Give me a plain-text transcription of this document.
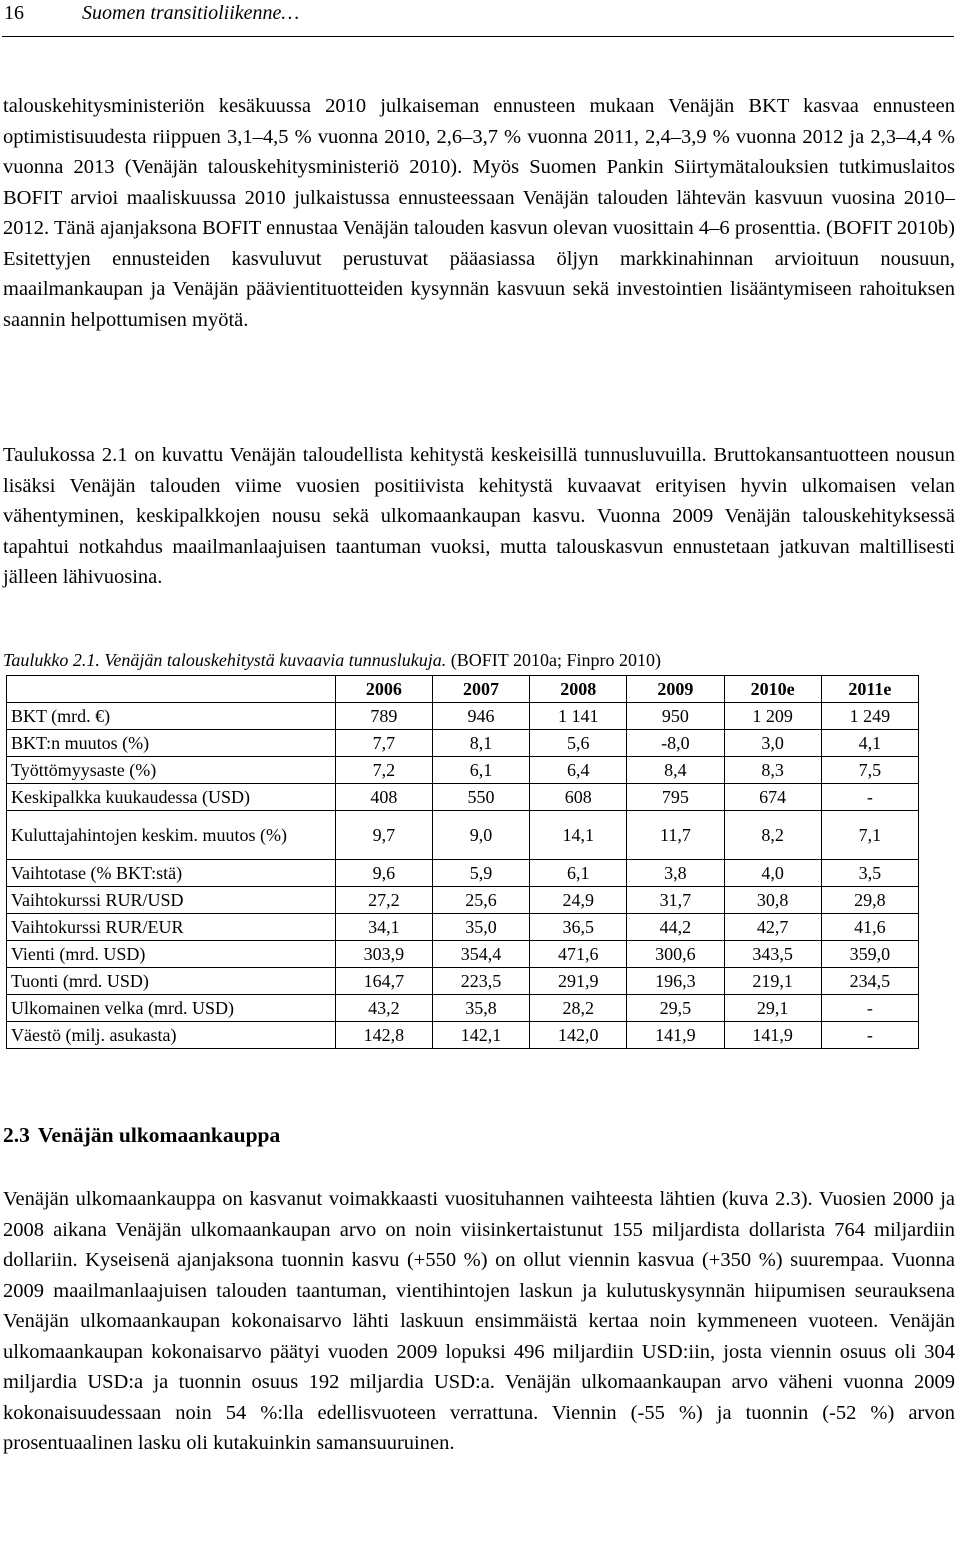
16	Suomen transitioliikenne…

talouskehitysministeriön kesäkuussa 2010 julkaiseman ennusteen mukaan Venäjän BKT kasvaa ennusteen optimistisuudesta riippuen 3,1–4,5 % vuonna 2010, 2,6–3,7 % vuonna 2011, 2,4–3,9 % vuonna 2012 ja 2,3–4,4 % vuonna 2013 (Venäjän talouskehitysministeriö 2010). Myös Suomen Pankin Siirtymätalouksien tutkimuslaitos BOFIT arvioi maaliskuussa 2010 julkaistussa ennusteessaan Venäjän talouden lähtevän kasvuun vuosina 2010–2012. Tänä ajanjaksona BOFIT ennustaa Venäjän talouden kasvun olevan vuosittain 4–6 prosenttia. (BOFIT 2010b) Esitettyjen ennusteiden kasvuluvut perustuvat pääasiassa öljyn markkinahinnan arvioituun nousuun, maailmankaupan ja Venäjän päävientituotteiden kysynnän kasvuun sekä investointien lisääntymiseen rahoituksen saannin helpottumisen myötä.

Taulukossa 2.1 on kuvattu Venäjän taloudellista kehitystä keskeisillä tunnusluvuilla. Bruttokansantuotteen nousun lisäksi Venäjän talouden viime vuosien positiivista kehitystä kuvaavat erityisen hyvin ulkomaisen velan vähentyminen, keskipalkkojen nousu sekä ulkomaankaupan kasvu. Vuonna 2009 Venäjän talouskehityksessä tapahtui notkahdus maailmanlaajuisen taantuman vuoksi, mutta talouskasvun ennustetaan jatkuvan maltillisesti jälleen lähivuosina.

Taulukko 2.1. Venäjän talouskehitystä kuvaavia tunnuslukuja. (BOFIT 2010a; Finpro 2010)
	2006	2007	2008	2009	2010e	2011e
BKT (mrd. €)	789	946	1 141	950	1 209	1 249
BKT:n muutos (%)	7,7	8,1	5,6	-8,0	3,0	4,1
Työttömyysaste (%)	7,2	6,1	6,4	8,4	8,3	7,5
Keskipalkka kuukaudessa (USD)	408	550	608	795	674	-
Kuluttajahintojen keskim. muutos (%)	9,7	9,0	14,1	11,7	8,2	7,1
Vaihtotase (% BKT:stä)	9,6	5,9	6,1	3,8	4,0	3,5
Vaihtokurssi RUR/USD	27,2	25,6	24,9	31,7	30,8	29,8
Vaihtokurssi RUR/EUR	34,1	35,0	36,5	44,2	42,7	41,6
Vienti (mrd. USD)	303,9	354,4	471,6	300,6	343,5	359,0
Tuonti (mrd. USD)	164,7	223,5	291,9	196,3	219,1	234,5
Ulkomainen velka (mrd. USD)	43,2	35,8	28,2	29,5	29,1	-
Väestö (milj. asukasta)	142,8	142,1	142,0	141,9	141,9	-
2.3 Venäjän ulkomaankauppa

Venäjän ulkomaankauppa on kasvanut voimakkaasti vuosituhannen vaihteesta lähtien (kuva 2.3). Vuosien 2000 ja 2008 aikana Venäjän ulkomaankaupan arvo on noin viisinkertaistunut 155 miljardista dollarista 764 miljardiin dollariin. Kyseisenä ajanjaksona tuonnin kasvu (+550 %) on ollut viennin kasvua (+350 %) suurempaa. Vuonna 2009 maailmanlaajuisen talouden taantuman, vientihintojen laskun ja kulutuskysynnän hiipumisen seurauksena Venäjän ulkomaankaupan kokonaisarvo lähti laskuun ensimmäistä kertaa noin kymmeneen vuoteen. Venäjän ulkomaankaupan kokonaisarvo päätyi vuoden 2009 lopuksi 496 miljardiin USD:iin, josta viennin osuus oli 304 miljardia USD:a ja tuonnin osuus 192 miljardia USD:a. Venäjän ulkomaankaupan arvo väheni vuonna 2009 kokonaisuudessaan noin 54 %:lla edellisvuoteen verrattuna. Viennin (-55 %) ja tuonnin (-52 %) arvon prosentuaalinen lasku oli kutakuinkin samansuuruinen.
